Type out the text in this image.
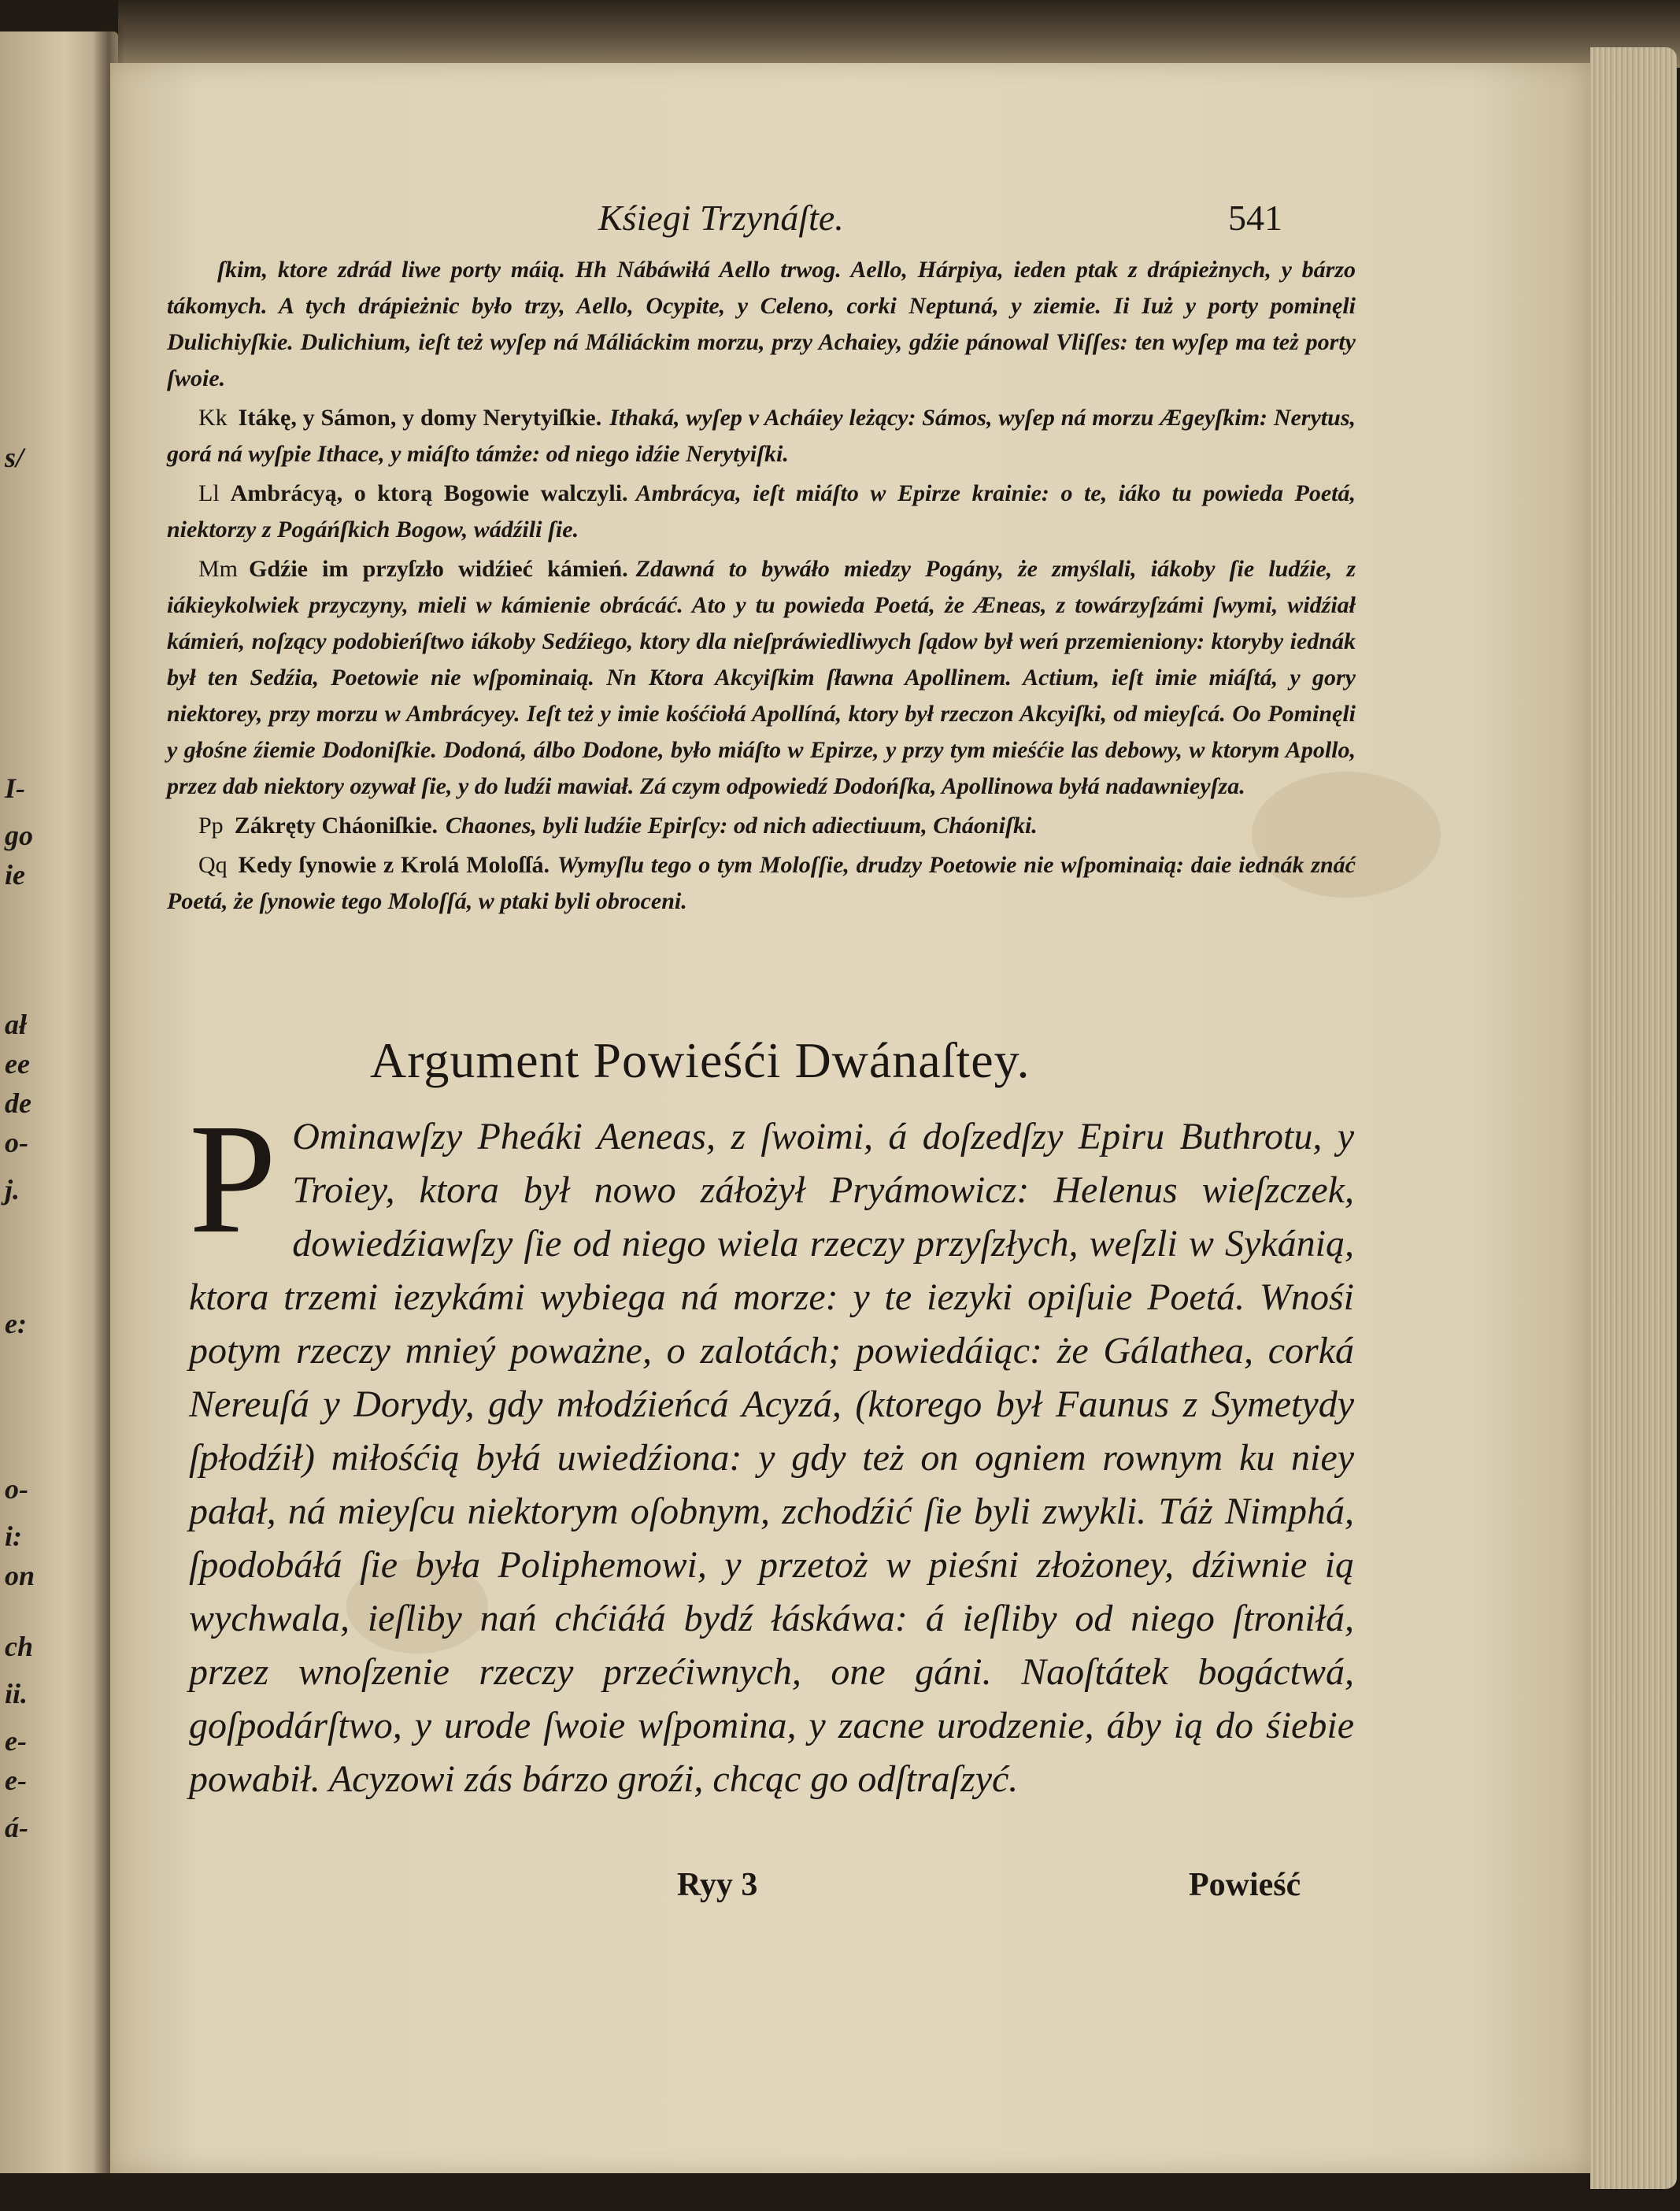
s/
I-
go
ie
ał
ee
de
o-
j.
e:
o-
i:
on
ch
ii.
e-
e-
á-
Kśiegi Trzynáſte.	541

ſkim, ktore zdrád liwe porty máią. Hh Nábáwiłá Aello trwog. Aello, Hárpiya, ieden ptak z drápieżnych, y bárzo tákomych. A tych drápieżnic było trzy, Aello, Ocypite, y Celeno, corki Neptuná, y ziemie. Ii Iuż y porty pominęli Dulichiyſkie. Dulichium, ieſt też wyſep ná Máliáckim morzu, przy Achaiey, gdźie pánowal Vliſſes: ten wyſep ma też porty ſwoie.

Kk Itákę, y Sámon, y domy Nerytyiſkie. Ithaká, wyſep v Acháiey leżący: Sámos, wyſep ná morzu Ægeyſkim: Nerytus, gorá ná wyſpie Ithace, y miáſto támże: od niego idźie Nerytyiſki.

Ll Ambrácyą, o ktorą Bogowie walczyli. Ambrácya, ieſt miáſto w Epirze krainie: o te, iáko tu powieda Poetá, niektorzy z Pogáńſkich Bogow, wádźili ſie.

Mm Gdźie im przyſzło widźieć kámień. Zdawná to bywáło miedzy Pogány, że zmyślali, iákoby ſie ludźie, z iákieykolwiek przyczyny, mieli w kámienie obrácáć. Ato y tu powieda Poetá, że Æneas, z towárzyſzámi ſwymi, widźiał kámień, noſzący podobieńſtwo iákoby Sedźiego, ktory dla nieſpráwiedliwych ſądow był weń przemieniony: ktoryby iednák był ten Sedźia, Poetowie nie wſpominaią. Nn Ktora Akcyiſkim ſławna Apollinem. Actium, ieſt imie miáſtá, y gory niektorey, przy morzu w Ambrácyey. Ieſt też y imie kośćiołá Apollíná, ktory był rzeczon Akcyiſki, od mieyſcá. Oo Pominęli y głośne źiemie Dodoniſkie. Dodoná, álbo Dodone, było miáſto w Epirze, y przy tym mieśćie las debowy, w ktorym Apollo, przez dab niektory ozywał ſie, y do ludźi mawiał. Zá czym odpowiedź Dodońſka, Apollinowa byłá nadawnieyſza.

Pp Zákręty Cháoniſkie. Chaones, byli ludźie Epirſcy: od nich adiectiuum, Cháoniſki.

Qq Kedy ſynowie z Krolá Moloſſá. Wymyſlu tego o tym Moloſſie, drudzy Poetowie nie wſpominaią: daie iednák znáć Poetá, że ſynowie tego Moloſſá, w ptaki byli obroceni.

Argument Powieśći Dwánaſtey.
P Ominawſzy Pheáki Aeneas, z ſwoimi, á doſzedſzy Epiru Buthrotu, y Troiey, ktora był nowo záłożył Pryámowicz: Helenus wieſzczek, dowiedźiawſzy ſie od niego wiela rzeczy przyſzłych, weſzli w Sykánią, ktora trzemi iezykámi wybiega ná morze: y te iezyki opiſuie Poetá. Wnośi potym rzeczy mnieý poważne, o zalotách; powiedáiąc: że Gálathea, corká Nereuſá y Dorydy, gdy młodźieńcá Acyzá, (ktorego był Faunus z Symetydy ſpłodźił) miłośćią byłá uwiedźiona: y gdy też on ogniem rownym ku niey pałał, ná mieyſcu niektorym oſobnym, zchodźić ſie byli zwykli. Táż Nimphá, ſpodobáłá ſie była Poliphemowi, y przetoż w pieśni złożoney, dźiwnie ią wychwala, ieſliby nań chćiáłá bydź łáskáwa: á ieſliby od niego ſtroniłá, przez wnoſzenie rzeczy przećiwnych, one gáni. Naoſtátek bogáctwá, goſpodárſtwo, y urode ſwoie wſpomina, y zacne urodzenie, áby ią do śiebie powabił. Acyzowi zás bárzo groźi, chcąc go odſtraſzyć.
Ryy 3	Powieść
